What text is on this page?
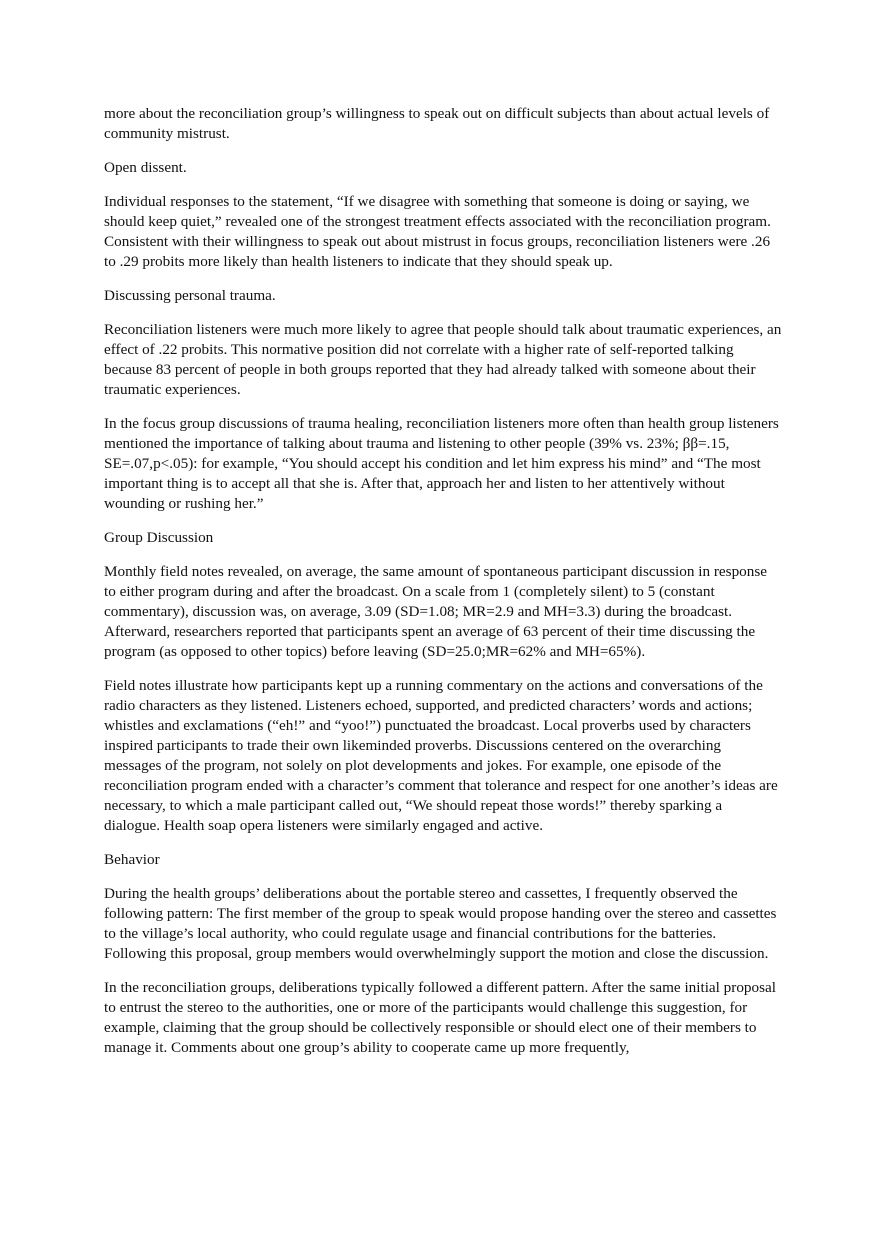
more about the reconciliation group’s willingness to speak out on difficult subjects than about actual levels of community mistrust.

Open dissent.

Individual responses to the statement, “If we disagree with something that someone is doing or saying, we should keep quiet,” revealed one of the strongest treatment effects associated with the reconciliation program. Consistent with their willingness to speak out about mistrust in focus groups, reconciliation listeners were .26 to .29 probits more likely than health listeners to indicate that they should speak up.

Discussing personal trauma.

Reconciliation listeners were much more likely to agree that people should talk about traumatic experiences, an effect of .22 probits. This normative position did not correlate with a higher rate of self-reported talking because 83 percent of people in both groups reported that they had already talked with someone about their traumatic experiences.

In the focus group discussions of trauma healing, reconciliation listeners more often than health group listeners mentioned the importance of talking about trauma and listening to other people (39% vs. 23%; ββ=.15, SE=.07,p<.05): for example, “You should accept his condition and let him express his mind” and “The most important thing is to accept all that she is. After that, approach her and listen to her attentively without wounding or rushing her.”

Group Discussion

Monthly field notes revealed, on average, the same amount of spontaneous participant discussion in response to either program during and after the broadcast. On a scale from 1 (completely silent) to 5 (constant commentary), discussion was, on average, 3.09 (SD=1.08; MR=2.9 and MH=3.3) during the broadcast. Afterward, researchers reported that participants spent an average of 63 percent of their time discussing the program (as opposed to other topics) before leaving (SD=25.0;MR=62% and MH=65%).

Field notes illustrate how participants kept up a running commentary on the actions and conversations of the radio characters as they listened. Listeners echoed, supported, and predicted characters’ words and actions; whistles and exclamations (“eh!” and “yoo!”) punctuated the broadcast. Local proverbs used by characters inspired participants to trade their own likeminded proverbs. Discussions centered on the overarching messages of the program, not solely on plot developments and jokes. For example, one episode of the reconciliation program ended with a character’s comment that tolerance and respect for one another’s ideas are necessary, to which a male participant called out, “We should repeat those words!” thereby sparking a dialogue. Health soap opera listeners were similarly engaged and active.

Behavior

During the health groups’ deliberations about the portable stereo and cassettes, I frequently observed the following pattern: The first member of the group to speak would propose handing over the stereo and cassettes to the village’s local authority, who could regulate usage and financial contributions for the batteries. Following this proposal, group members would overwhelmingly support the motion and close the discussion.

In the reconciliation groups, deliberations typically followed a different pattern. After the same initial proposal to entrust the stereo to the authorities, one or more of the participants would challenge this suggestion, for example, claiming that the group should be collectively responsible or should elect one of their members to manage it. Comments about one group’s ability to cooperate came up more frequently,
